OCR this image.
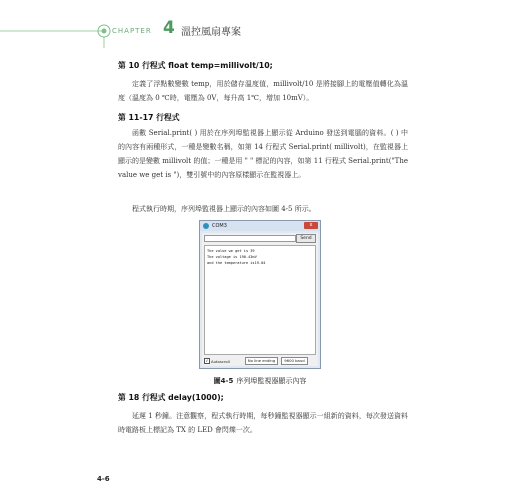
CHAPTER 4 溫控風扇專案

第 10 行程式 float temp=millivolt/10;

定義了浮點數變數 temp，用於儲存溫度值，millivolt/10 是將接腳上的電壓值轉化為溫度（溫度為 0 ℃時，電壓為 0V，每升高 1℃，增加 10mV）。

第 11-17 行程式

函數 Serial.print( ) 用於在序列埠監視器上顯示從 Arduino 發送到電腦的資料。( ) 中的內容有兩種形式，一種是變數名稱，如第 14 行程式 Serial.print( millivolt)，在監視器上顯示的是變數 millivolt 的值；一種是用 " " 標記的內容，如第 11 行程式 Serial.print("The value we get is ")，雙引號中的內容原樣顯示在監視器上。

程式執行時期，序列埠監視器上顯示的內容如圖 4-5 所示。

COM3	x
Send
The value we get is 39
The voltage is 190.43mV
and the temperature is19.04
✓ Autoscroll	No line ending	9600 baud
圖4-5 序列埠監視器顯示內容

第 18 行程式 delay(1000);

延遲 1 秒鐘。注意觀察，程式執行時期，每秒鐘監視器顯示一組新的資料，每次發送資料時電路板上標記為 TX 的 LED 會閃爍一次。

4-6
